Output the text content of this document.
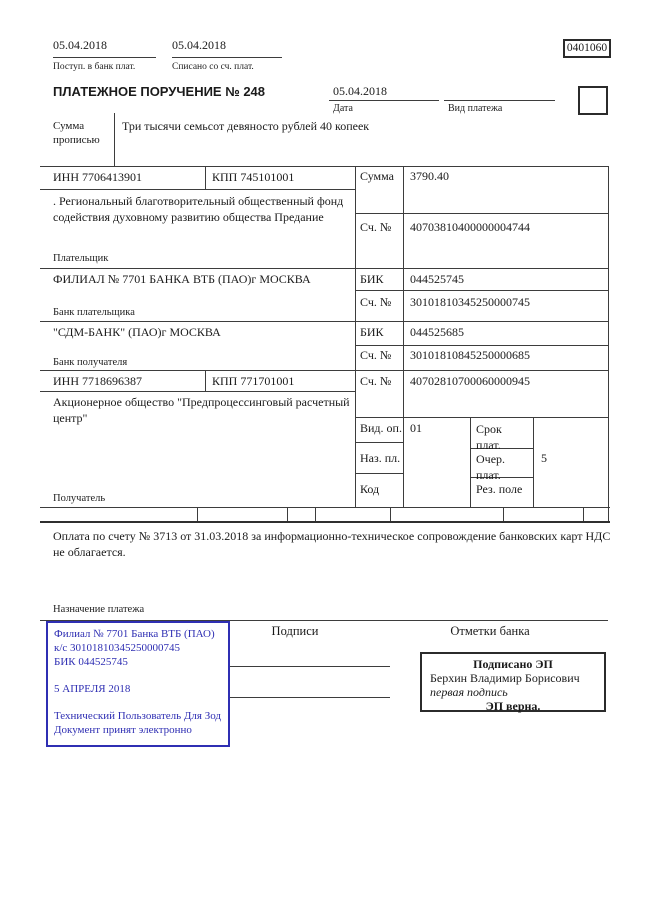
05.04.2018
Поступ. в банк плат.
05.04.2018
Списано со сч. плат.
0401060
ПЛАТЕЖНОЕ ПОРУЧЕНИЕ № 248	05.04.2018
Дата	Вид платежа
Сумма прописью
Три тысячи семьсот девяносто рублей 40 копеек
ИНН 7706413901	КПП 745101001	Сумма 3790.40
. Региональный благотворительный общественный фонд содействия духовному развитию общества Предание
Сч. № 40703810400000004744
Плательщик
ФИЛИАЛ № 7701 БАНКА ВТБ (ПАО)г МОСКВА	БИК 044525745
Сч. № 30101810345250000745
Банк плательщика
"СДМ-БАНК" (ПАО)г МОСКВА	БИК 044525685
Сч. № 30101810845250000685
Банк получателя
ИНН 7718696387	КПП 771701001	Сч. № 40702810700060000945
Акционерное общество "Предпроцессинговый расчетный центр"
Вид. оп. 01	Срок плат.
Наз. пл.	Очер. плат.
5
Код	Рез. поле
Получатель
Оплата по счету № 3713 от 31.03.2018 за информационно-техническое сопровождение банковских карт НДС не облагается.
Назначение платежа
Подписи	Отметки банка
Филиал № 7701 Банка ВТБ (ПАО)
к/с 30101810345250000745
БИК 044525745
5 АПРЕЛЯ 2018
Технический Пользователь Для Зод
Документ принят электронно
Подписано ЭП
Берхин Владимир Борисович
первая подпись
ЭП верна.
